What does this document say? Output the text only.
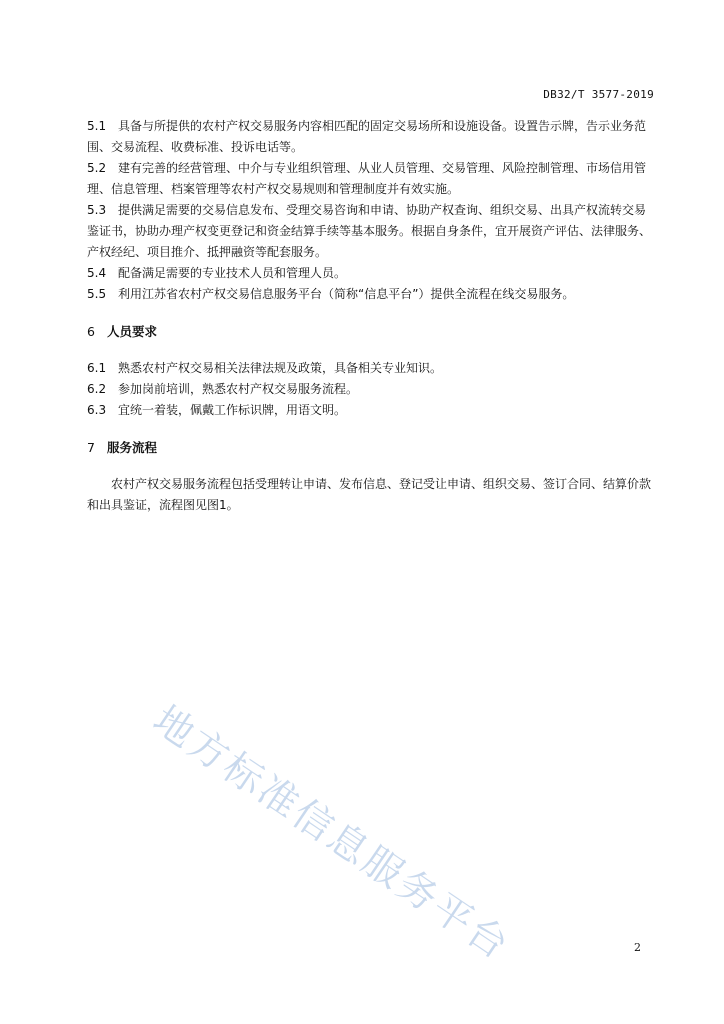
DB32/T 3577-2019

5.1 具备与所提供的农村产权交易服务内容相匹配的固定交易场所和设施设备。设置告示牌，告示业务范围、交易流程、收费标准、投诉电话等。

5.2 建有完善的经营管理、中介与专业组织管理、从业人员管理、交易管理、风险控制管理、市场信用管理、信息管理、档案管理等农村产权交易规则和管理制度并有效实施。

5.3 提供满足需要的交易信息发布、受理交易咨询和申请、协助产权查询、组织交易、出具产权流转交易鉴证书，协助办理产权变更登记和资金结算手续等基本服务。根据自身条件，宜开展资产评估、法律服务、产权经纪、项目推介、抵押融资等配套服务。

5.4 配备满足需要的专业技术人员和管理人员。

5.5 利用江苏省农村产权交易信息服务平台（简称“信息平台”）提供全流程在线交易服务。

6 人员要求

6.1 熟悉农村产权交易相关法律法规及政策，具备相关专业知识。

6.2 参加岗前培训，熟悉农村产权交易服务流程。

6.3 宜统一着装，佩戴工作标识牌，用语文明。

7 服务流程

农村产权交易服务流程包括受理转让申请、发布信息、登记受让申请、组织交易、签订合同、结算价款和出具鉴证，流程图见图1。

地方标准信息服务平台	2
